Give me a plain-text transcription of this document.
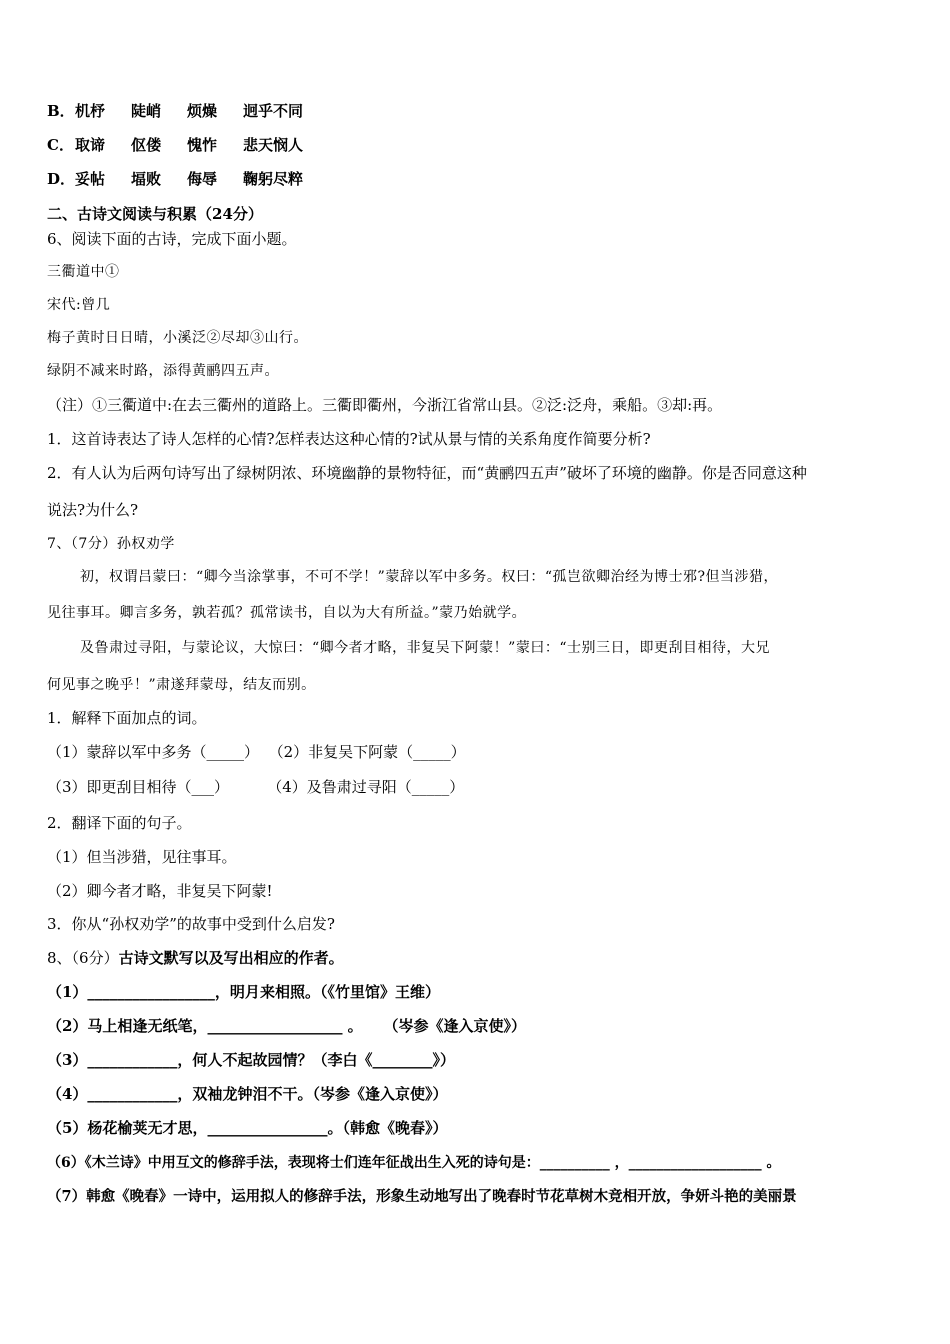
B．机杼 陡峭 烦燥 迥乎不同
C．取谛 伛偻 愧怍 悲天悯人
D．妥帖 堛败 侮辱 鞠躬尽粹
二、古诗文阅读与积累（24分）
6、阅读下面的古诗，完成下面小题。
三衢道中①
宋代:曾几
梅子黄时日日晴，小溪泛②尽却③山行。
绿阴不减来时路，添得黄鹂四五声。
（注）①三衢道中:在去三衢州的道路上。三衢即衢州，今浙江省常山县。②泛:泛舟，乘船。③却:再。
1．这首诗表达了诗人怎样的心情?怎样表达这种心情的?试从景与情的关系角度作简要分析?
2．有人认为后两句诗写出了绿树阴浓、环境幽静的景物特征，而“黄鹂四五声”破坏了环境的幽静。你是否同意这种
说法?为什么?
7、（7分）孙权劝学
初，权谓吕蒙曰：“卿今当涂掌事，不可不学！”蒙辞以军中多务。权曰：“孤岂欲卿治经为博士邪?但当涉猎，
见往事耳。卿言多务，孰若孤？孤常读书，自以为大有所益。”蒙乃始就学。
及鲁肃过寻阳，与蒙论议，大惊曰：“卿今者才略，非复吴下阿蒙！”蒙曰：“士别三日，即更刮目相待，大兄
何见事之晚乎！”肃遂拜蒙母，结友而别。
1．解释下面加点的词。
（1）蒙辞以军中多务（_____）  （2）非复吴下阿蒙（_____）
（3）即更刮目相待（___）        （4）及鲁肃过寻阳（_____）
2．翻译下面的句子。
（1）但当涉猎，见往事耳。
（2）卿今者才略，非复吴下阿蒙!
3．你从“孙权劝学”的故事中受到什么启发?
8、（6分）古诗文默写以及写出相应的作者。
（1）_________________，明月来相照。（《竹里馆》王维）
（2）马上相逢无纸笔，__________________ 。    （岑参《逢入京使》）
（3）____________，何人不起故园情？（李白《________》）
（4）____________，双袖龙钟泪不干。（岑参《逢入京使》）
（5）杨花榆荚无才思，________________。（韩愈《晚春》）
（6）《木兰诗》中用互文的修辞手法，表现将士们连年征战出生入死的诗句是：__________ ，___________________ 。
（7）韩愈《晚春》一诗中，运用拟人的修辞手法，形象生动地写出了晚春时节花草树木竞相开放，争妍斗艳的美丽景
